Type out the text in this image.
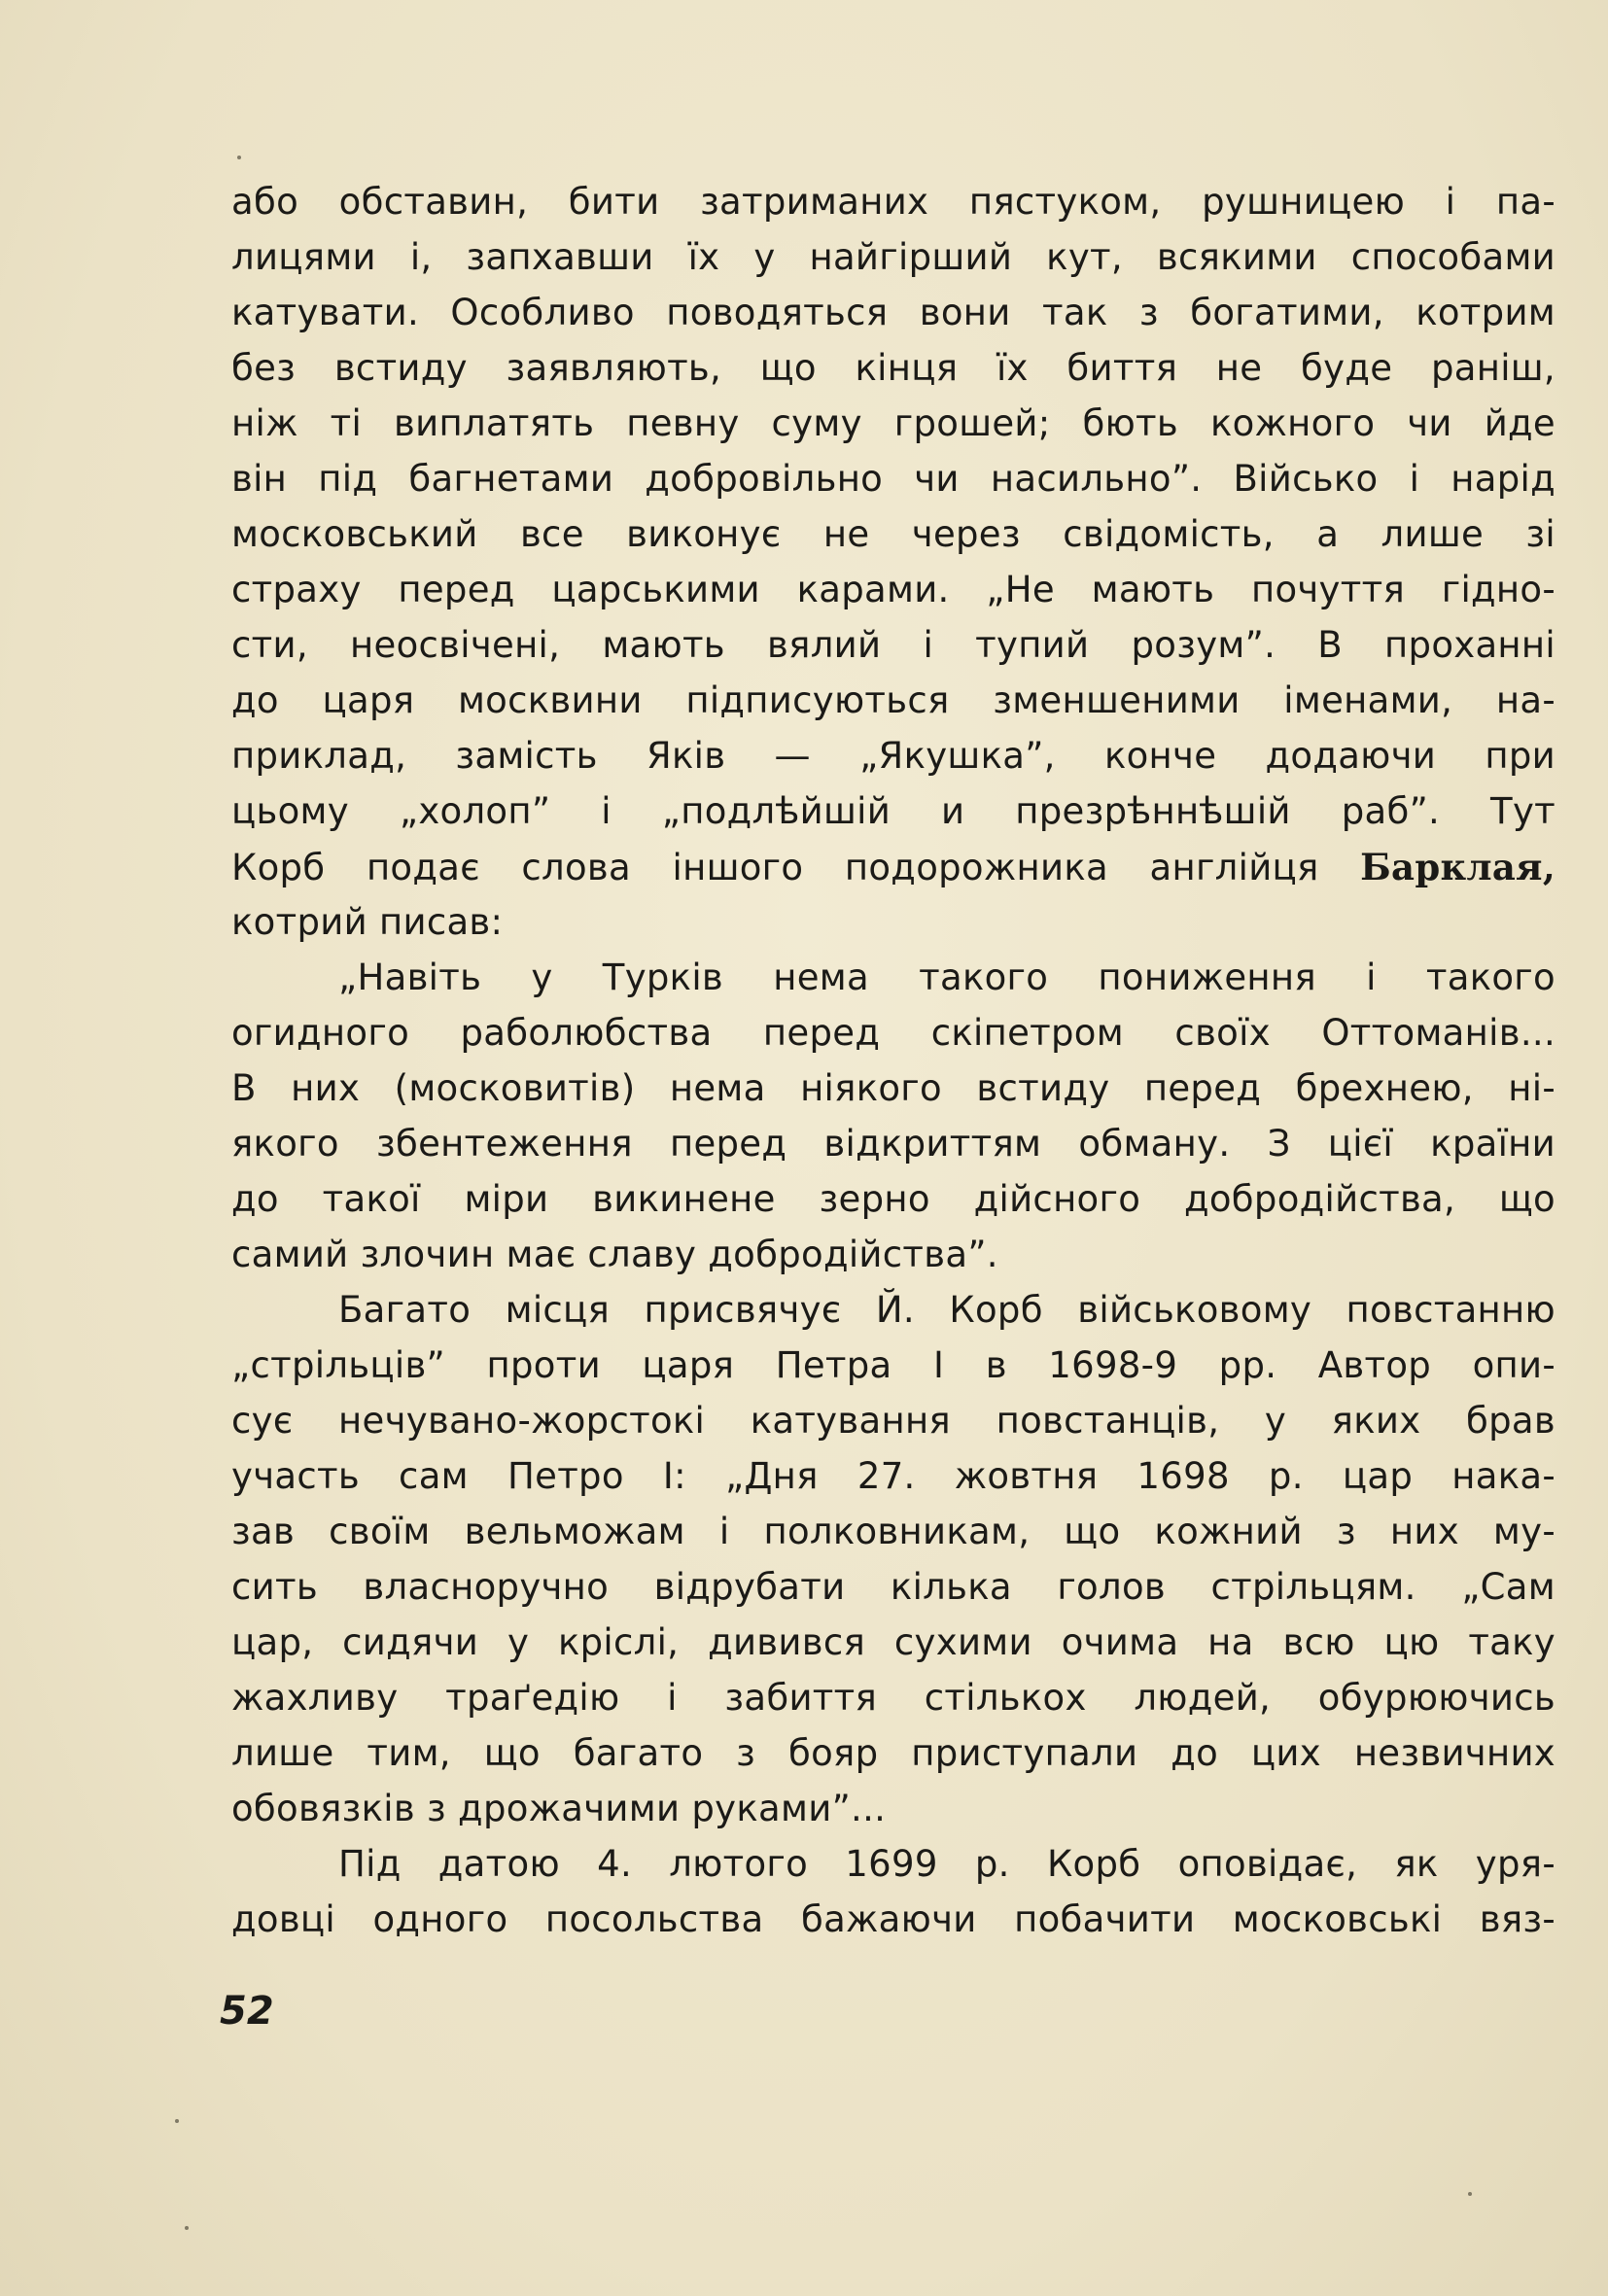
або обставин, бити затриманих пястуком, рушницею і па-
лицями і, запхавши їх у найгірший кут, всякими способами
катувати. Особливо поводяться вони так з богатими, котрим
без встиду заявляють, що кінця їх биття не буде раніш,
ніж ті виплатять певну суму грошей; бють кожного чи йде
він під багнетами добровільно чи насильно”. Військо і нарід
московський все виконує не через свідомість, а лише зі
страху перед царськими карами. „Не мають почуття гідно-
сти, неосвічені, мають вялий і тупий розум”. В проханні
до царя москвини підписуються зменшеними іменами, на-
приклад, замість Яків — „Якушка”, конче додаючи при
цьому „холоп” і „подлѣйшій и презрѣннѣшій раб”. Тут
Корб подає слова іншого подорожника англійця Барклая,
котрий писав:
„Навіть у Турків нема такого пониження і такого
огидного раболюбства перед скіпетром своїх Оттоманів...
В них (московитів) нема ніякого встиду перед брехнею, ні-
якого збентеження перед відкриттям обману. З цієї країни
до такої міри викинене зерно дійсного добродійства, що
самий злочин має славу добродійства”.
Багато місця присвячує Й. Корб військовому повстанню
„стрільців” проти царя Петра І в 1698-9 рр. Автор опи-
сує нечувано-жорстокі катування повстанців, у яких брав
участь сам Петро І: „Дня 27. жовтня 1698 р. цар нака-
зав своїм вельможам і полковникам, що кожний з них му-
сить власноручно відрубати кілька голов стрільцям. „Сам
цар, сидячи у кріслі, дивився сухими очима на всю цю таку
жахливу траґедію і забиття стількох людей, обурюючись
лише тим, що багато з бояр приступали до цих незвичних
обовязків з дрожачими руками”...
Під датою 4. лютого 1699 р. Корб оповідає, як уря-
довці одного посольства бажаючи побачити московські вяз-
52
